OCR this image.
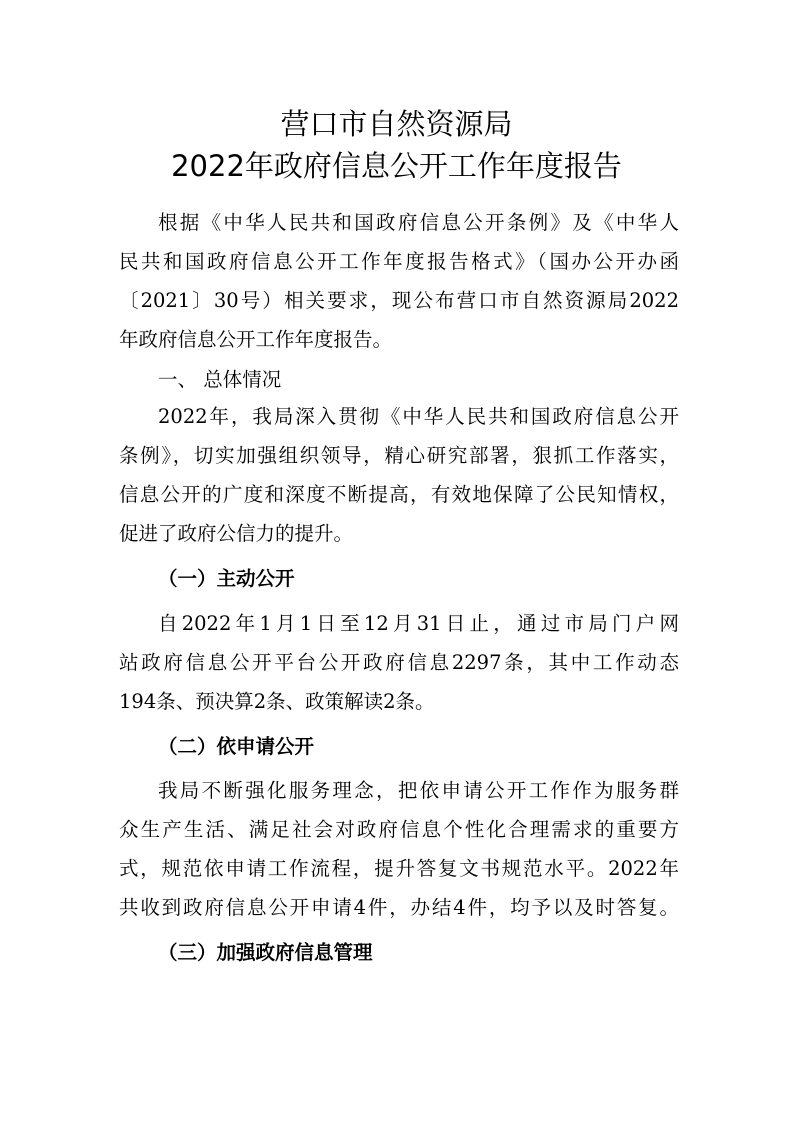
营口市自然资源局
2022年政府信息公开工作年度报告
根据《中华人民共和国政府信息公开条例》及《中华人
民共和国政府信息公开工作年度报告格式》（国办公开办函
〔2021〕30号）相关要求，现公布营口市自然资源局2022
年政府信息公开工作年度报告。
一、 总体情况
2022年，我局深入贯彻《中华人民共和国政府信息公开
条例》，切实加强组织领导，精心研究部署，狠抓工作落实，
信息公开的广度和深度不断提高，有效地保障了公民知情权，
促进了政府公信力的提升。
（一）主动公开
自2022年1月1日至12月31日止，通过市局门户网
站政府信息公开平台公开政府信息2297条，其中工作动态
194条、预决算2条、政策解读2条。
（二）依申请公开
我局不断强化服务理念，把依申请公开工作作为服务群
众生产生活、满足社会对政府信息个性化合理需求的重要方
式，规范依申请工作流程，提升答复文书规范水平。2022年
共收到政府信息公开申请4件，办结4件，均予以及时答复。
（三）加强政府信息管理
